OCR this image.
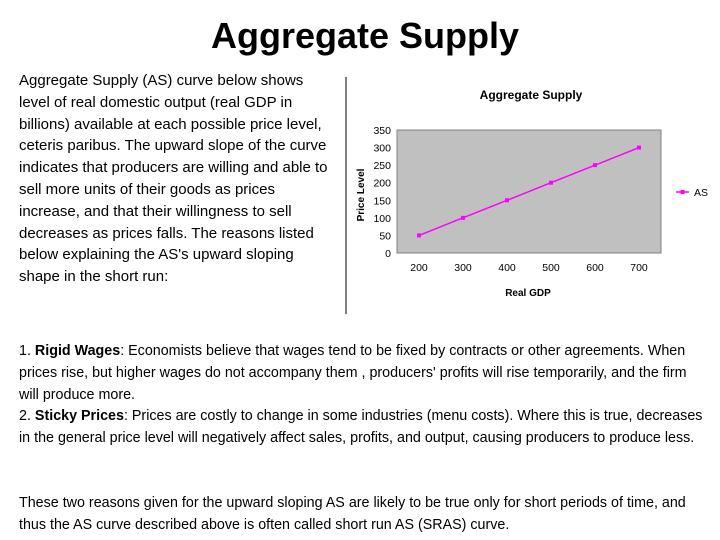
Aggregate Supply

Aggregate Supply (AS) curve below shows level of real domestic output (real GDP in billions) available at each possible price level, ceteris paribus. The upward slope of the curve indicates that producers are willing and able to sell more units of their goods as prices increase, and that their willingness to sell decreases as prices falls. The reasons listed below explaining the AS's upward sloping shape in the short run:

Aggregate Supply
Price Level
Real GDP
0
50
100
150
200
250
300
350
200	300	400	500	600	700
AS

1. Rigid Wages: Economists believe that wages tend to be fixed by contracts or other agreements. When prices rise, but higher wages do not accompany them , producers' profits will rise temporarily, and the firm will produce more.

2. Sticky Prices: Prices are costly to change in some industries (menu costs). Where this is true, decreases in the general price level will negatively affect sales, profits, and output, causing producers to produce less.

These two reasons given for the upward sloping AS are likely to be true only for short periods of time, and thus the AS curve described above is often called short run AS (SRAS) curve.
